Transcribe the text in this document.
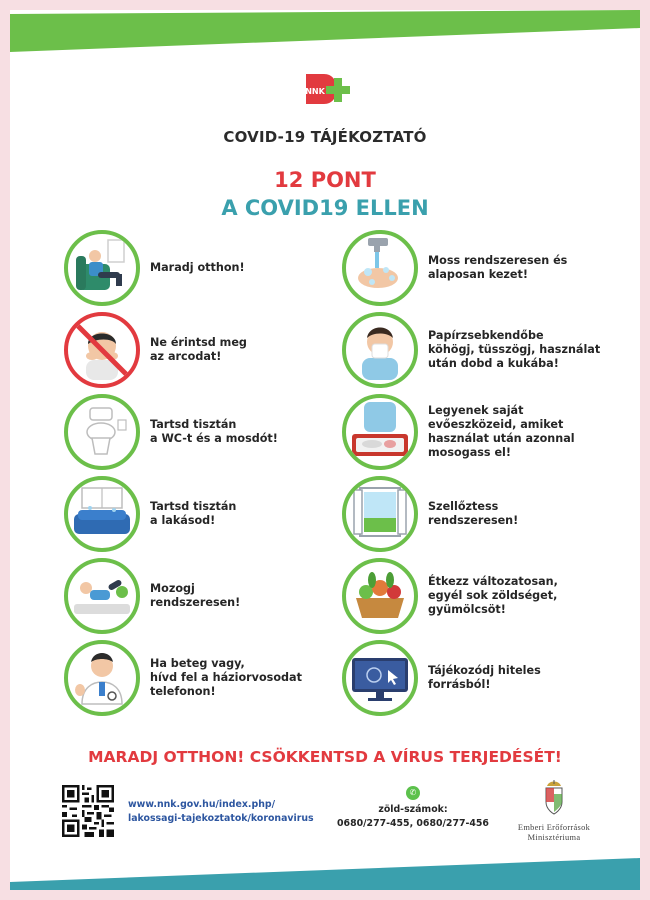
NNK
COVID-19 TÁJÉKOZTATÓ
12 PONT
A COVID19 ELLEN
Maradj otthon!
Moss rendszeresen és
alaposan kezet!
Ne érintsd meg
az arcodat!
Papírzsebkendőbe
köhögj, tüsszögj, használat
után dobd a kukába!
Tartsd tisztán
a WC-t és a mosdót!
Legyenek saját
evőeszközeid, amiket
használat után azonnal
mosogass el!
Tartsd tisztán
a lakásod!
Szellőztess
rendszeresen!
Mozogj
rendszeresen!
Étkezz változatosan,
egyél sok zöldséget,
gyümölcsöt!
Ha beteg vagy,
hívd fel a háziorvosodat
telefonon!
Tájékozódj hiteles
forrásból!
MARADJ OTTHON! CSÖKKENTSD A VÍRUS TERJEDÉSÉT!
www.nnk.gov.hu/index.php/
lakossagi-tajekoztatok/koronavirus
✆
zöld-számok:
0680/277-455, 0680/277-456	Emberi Erőforrások
Minisztériuma
